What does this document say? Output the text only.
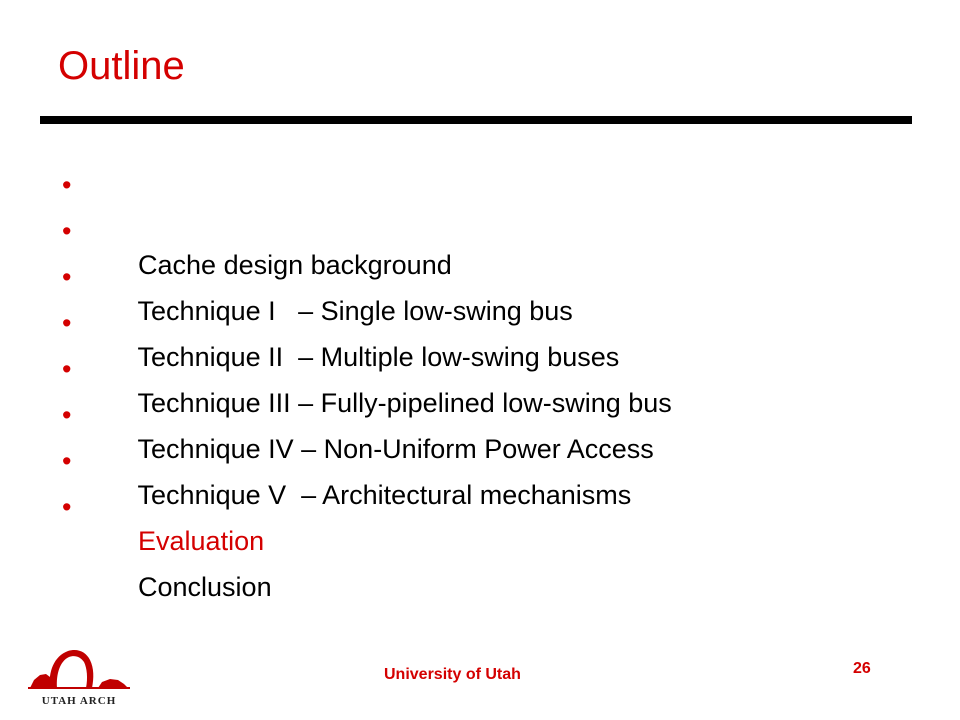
Outline

•

Cache design background

•

Technique I   – Single low-swing bus

•

Technique II  – Multiple low-swing buses

•

Technique III – Fully-pipelined low-swing bus

•

Technique IV – Non-Uniform Power Access

•

Technique V  – Architectural mechanisms

•

Evaluation

•

Conclusion

UTAH ARCH
University of Utah	26
